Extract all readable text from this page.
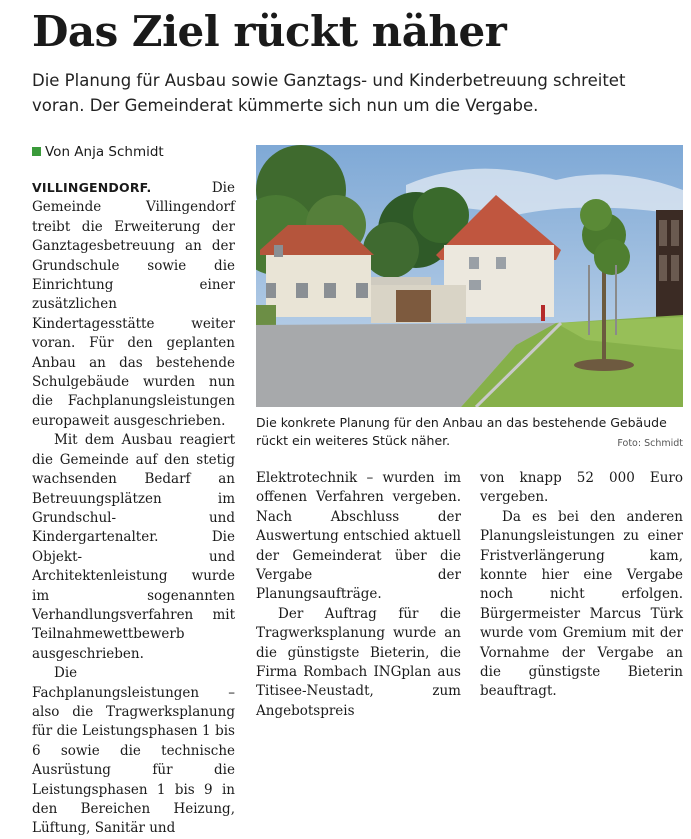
Das Ziel rückt näher

Die Planung für Ausbau sowie Ganztags- und Kinderbetreuung schreitet voran. Der Gemeinderat kümmerte sich nun um die Vergabe.

Von Anja Schmidt

VILLINGENDORF.	Die Gemeinde Villingendorf treibt die Erweiterung der Ganztagesbetreuung an der Grundschule sowie die Einrichtung einer zusätzlichen Kindertagesstätte weiter voran. Für den geplanten Anbau an das bestehende Schulgebäude wurden nun die Fachplanungsleistungen europaweit ausgeschrieben.

Mit dem Ausbau reagiert die Gemeinde auf den stetig wachsenden Bedarf an Betreuungsplätzen im Grundschul- und Kindergartenalter. Die Objekt- und Architektenleistung wurde im sogenannten Verhandlungsverfahren mit Teilnahmewettbewerb ausgeschrieben.

Die Fachplanungsleistungen – also die Tragwerksplanung für die Leistungsphasen 1 bis 6 sowie die technische Ausrüstung für die Leistungsphasen 1 bis 9 in den Bereichen Heizung, Lüftung, Sanitär und

Die konkrete Planung für den Anbau an das bestehende Gebäude rückt ein weiteres Stück näher.	Foto: Schmidt

Elektrotechnik – wurden im offenen Verfahren vergeben. Nach Abschluss der Auswertung entschied aktuell der Gemeinderat über die Vergabe der Planungsaufträge.

Der Auftrag für die Tragwerksplanung wurde an die günstigste Bieterin, die Firma Rombach INGplan aus Titisee-Neustadt, zum Angebotspreis

von knapp 52 000 Euro vergeben.

Da es bei den anderen Planungsleistungen zu einer Fristverlängerung kam, konnte hier eine Vergabe noch nicht erfolgen. Bürgermeister Marcus Türk wurde vom Gremium mit der Vornahme der Vergabe an die günstigste Bieterin beauftragt.
